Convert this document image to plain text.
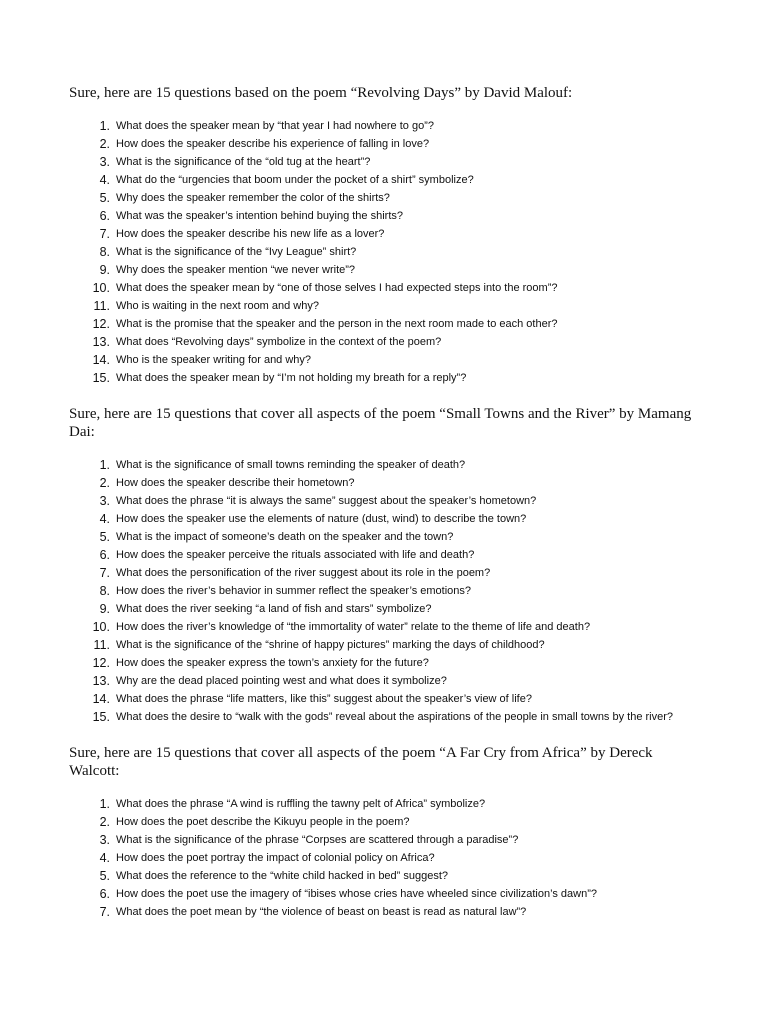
Sure, here are 15 questions based on the poem “Revolving Days” by David Malouf:

1. What does the speaker mean by “that year I had nowhere to go”?
2. How does the speaker describe his experience of falling in love?
3. What is the significance of the “old tug at the heart”?
4. What do the “urgencies that boom under the pocket of a shirt” symbolize?
5. Why does the speaker remember the color of the shirts?
6. What was the speaker’s intention behind buying the shirts?
7. How does the speaker describe his new life as a lover?
8. What is the significance of the “Ivy League” shirt?
9. Why does the speaker mention “we never write”?
10. What does the speaker mean by “one of those selves I had expected steps into the room”?
11. Who is waiting in the next room and why?
12. What is the promise that the speaker and the person in the next room made to each other?
13. What does “Revolving days” symbolize in the context of the poem?
14. Who is the speaker writing for and why?
15. What does the speaker mean by “I’m not holding my breath for a reply”?

Sure, here are 15 questions that cover all aspects of the poem “Small Towns and the River” by Mamang Dai:

1. What is the significance of small towns reminding the speaker of death?
2. How does the speaker describe their hometown?
3. What does the phrase “it is always the same” suggest about the speaker’s hometown?
4. How does the speaker use the elements of nature (dust, wind) to describe the town?
5. What is the impact of someone’s death on the speaker and the town?
6. How does the speaker perceive the rituals associated with life and death?
7. What does the personification of the river suggest about its role in the poem?
8. How does the river’s behavior in summer reflect the speaker’s emotions?
9. What does the river seeking “a land of fish and stars” symbolize?
10. How does the river’s knowledge of “the immortality of water” relate to the theme of life and death?
11. What is the significance of the “shrine of happy pictures” marking the days of childhood?
12. How does the speaker express the town’s anxiety for the future?
13. Why are the dead placed pointing west and what does it symbolize?
14. What does the phrase “life matters, like this” suggest about the speaker’s view of life?
15. What does the desire to “walk with the gods” reveal about the aspirations of the people in small towns by the river?

Sure, here are 15 questions that cover all aspects of the poem “A Far Cry from Africa” by Dereck Walcott:

1. What does the phrase “A wind is ruffling the tawny pelt of Africa” symbolize?
2. How does the poet describe the Kikuyu people in the poem?
3. What is the significance of the phrase “Corpses are scattered through a paradise”?
4. How does the poet portray the impact of colonial policy on Africa?
5. What does the reference to the “white child hacked in bed” suggest?
6. How does the poet use the imagery of “ibises whose cries have wheeled since civilization’s dawn”?
7. What does the poet mean by “the violence of beast on beast is read as natural law”?
